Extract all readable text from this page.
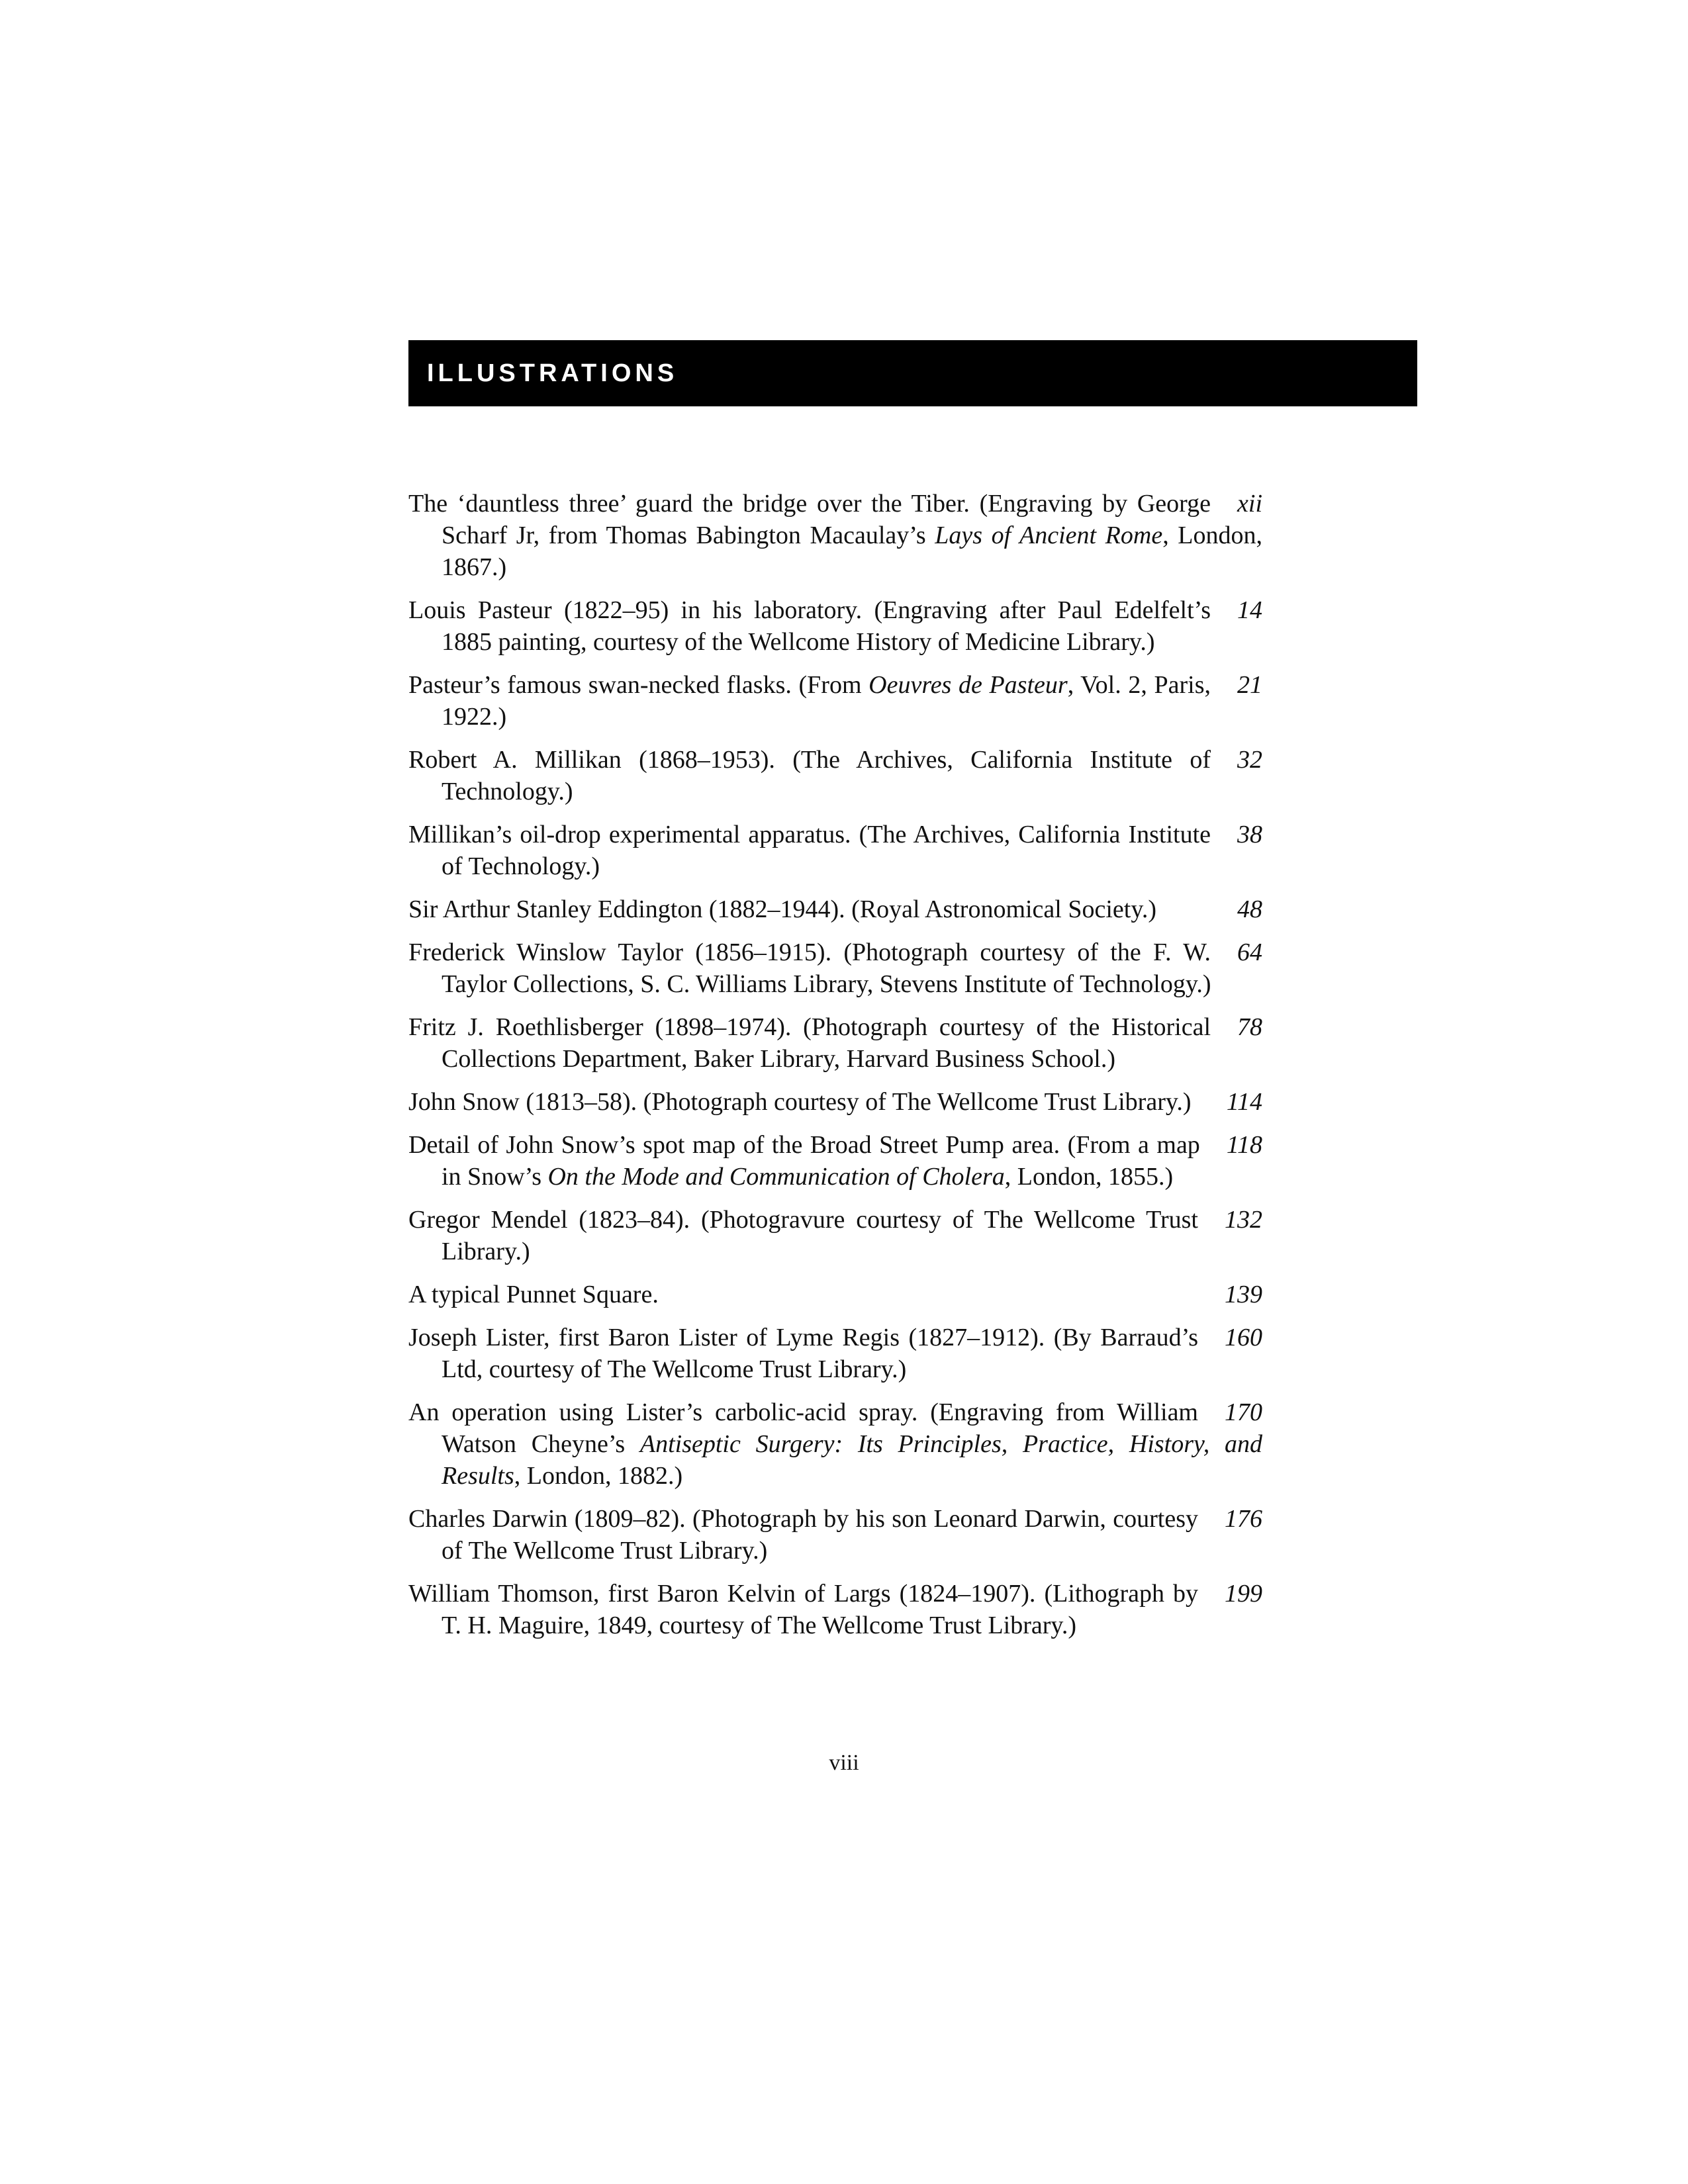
ILLUSTRATIONS
xii
The ‘dauntless three’ guard the bridge over the Tiber. (Engraving by George Scharf Jr, from Thomas Babington Macaulay’s Lays of Ancient Rome, London, 1867.)
14
Louis Pasteur (1822–95) in his laboratory. (Engraving after Paul Edelfelt’s 1885 painting, courtesy of the Wellcome History of Medicine Library.)
21
Pasteur’s famous swan-necked flasks. (From Oeuvres de Pasteur, Vol. 2, Paris, 1922.)
32
Robert A. Millikan (1868–1953). (The Archives, California Institute of Technology.)
38
Millikan’s oil-drop experimental apparatus. (The Archives, California Institute of Technology.)
48
Sir Arthur Stanley Eddington (1882–1944). (Royal Astronomical Society.)
64
Frederick Winslow Taylor (1856–1915). (Photograph courtesy of the F. W. Taylor Collections, S. C. Williams Library, Stevens Institute of Technology.)
78
Fritz J. Roethlisberger (1898–1974). (Photograph courtesy of the Historical Collections Department, Baker Library, Harvard Business School.)
114
John Snow (1813–58). (Photograph courtesy of The Wellcome Trust Library.)
118
Detail of John Snow’s spot map of the Broad Street Pump area. (From a map in Snow’s On the Mode and Communication of Cholera, London, 1855.)
132
Gregor Mendel (1823–84). (Photogravure courtesy of The Wellcome Trust Library.)
139
A typical Punnet Square.
160
Joseph Lister, first Baron Lister of Lyme Regis (1827–1912). (By Barraud’s Ltd, courtesy of The Wellcome Trust Library.)
170
An operation using Lister’s carbolic-acid spray. (Engraving from William Watson Cheyne’s Antiseptic Surgery: Its Principles, Practice, History, and Results, London, 1882.)
176
Charles Darwin (1809–82). (Photograph by his son Leonard Darwin, courtesy of The Wellcome Trust Library.)
199
William Thomson, first Baron Kelvin of Largs (1824–1907). (Lithograph by T. H. Maguire, 1849, courtesy of The Wellcome Trust Library.)
viii
